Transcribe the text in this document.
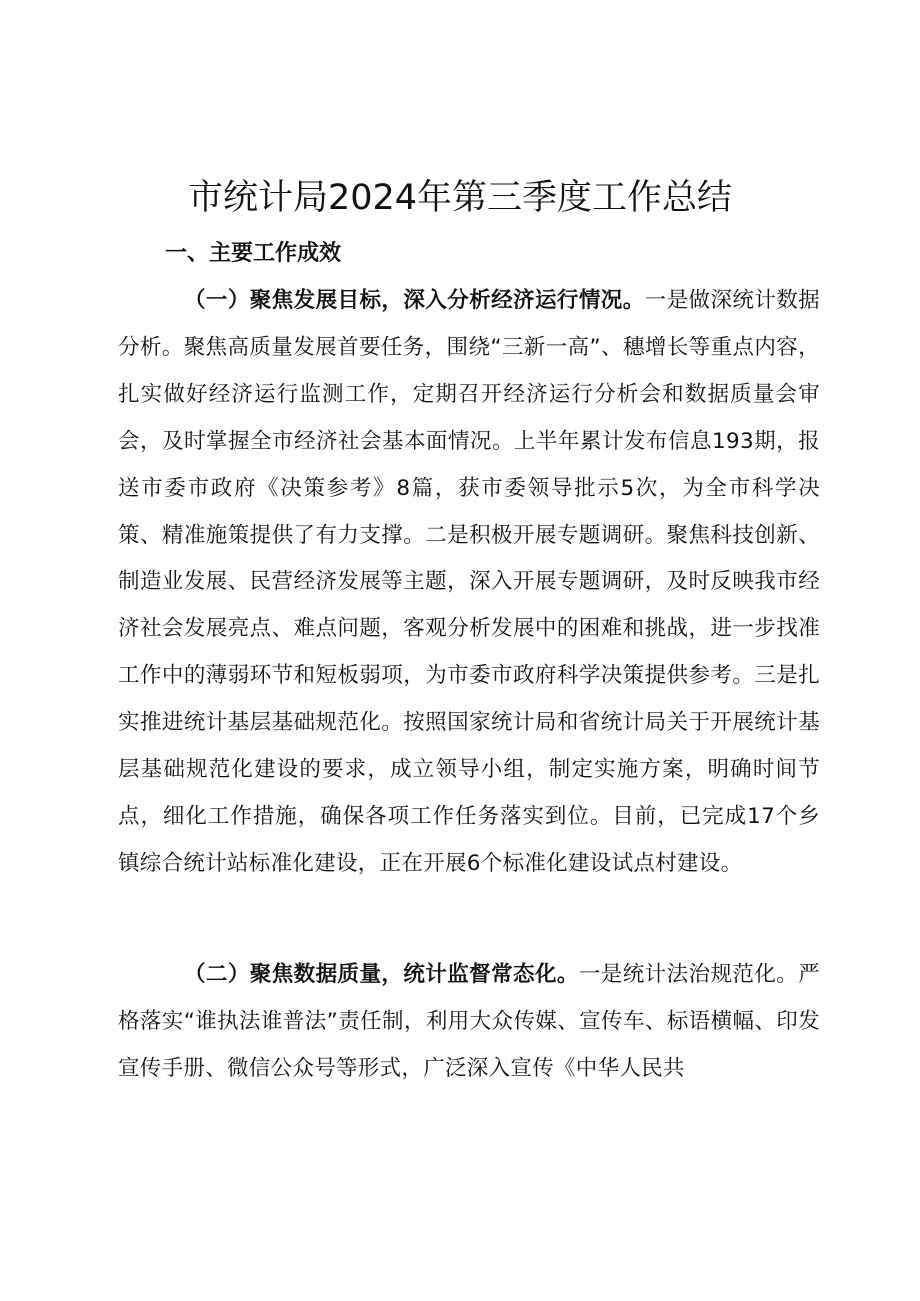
市统计局2024年第三季度工作总结
一、主要工作成效

（一）聚焦发展目标，深入分析经济运行情况。一是做深统计数据分析。聚焦高质量发展首要任务，围绕“三新一高”、穗增长等重点内容，扎实做好经济运行监测工作，定期召开经济运行分析会和数据质量会审会，及时掌握全市经济社会基本面情况。上半年累计发布信息193期，报送市委市政府《决策参考》8篇，获市委领导批示5次，为全市科学决策、精准施策提供了有力支撑。二是积极开展专题调研。聚焦科技创新、制造业发展、民营经济发展等主题，深入开展专题调研，及时反映我市经济社会发展亮点、难点问题，客观分析发展中的困难和挑战，进一步找准工作中的薄弱环节和短板弱项，为市委市政府科学决策提供参考。三是扎实推进统计基层基础规范化。按照国家统计局和省统计局关于开展统计基层基础规范化建设的要求，成立领导小组，制定实施方案，明确时间节点，细化工作措施，确保各项工作任务落实到位。目前，已完成17个乡镇综合统计站标准化建设，正在开展6个标准化建设试点村建设。

（二）聚焦数据质量，统计监督常态化。一是统计法治规范化。严格落实“谁执法谁普法”责任制，利用大众传媒、宣传车、标语横幅、印发宣传手册、微信公众号等形式，广泛深入宣传《中华人民共
